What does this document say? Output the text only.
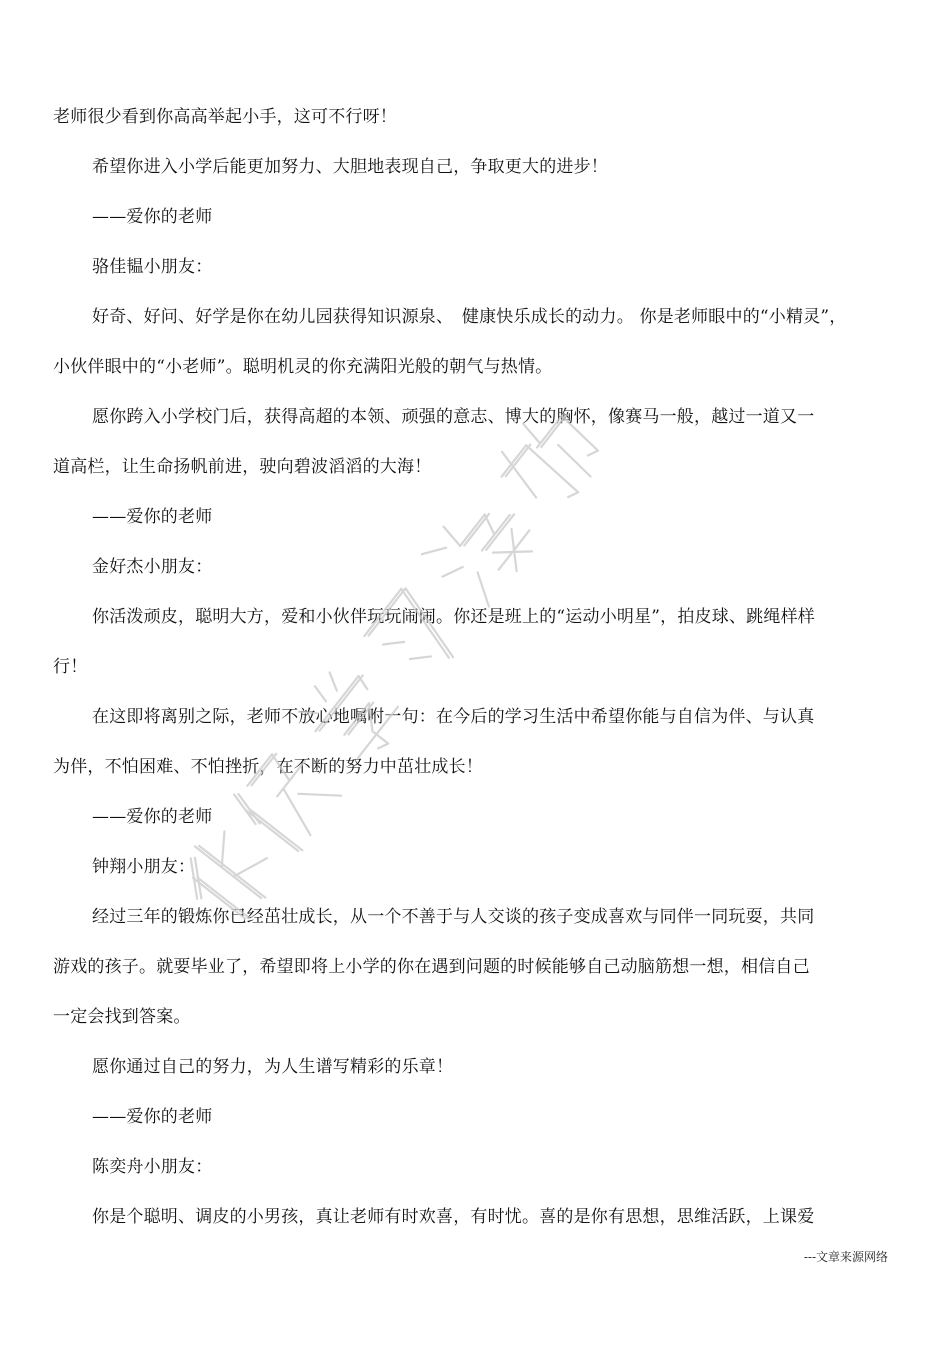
老师很少看到你高高举起小手，这可不行呀！
希望你进入小学后能更加努力、大胆地表现自己，争取更大的进步！
——爱你的老师
骆佳韫小朋友：
好奇、好问、好学是你在幼儿园获得知识源泉、　健康快乐成长的动力。 你是老师眼中的“小精灵”，
小伙伴眼中的“小老师”。聪明机灵的你充满阳光般的朝气与热情。
愿你跨入小学校门后，获得高超的本领、顽强的意志、博大的胸怀，像赛马一般，越过一道又一
道高栏，让生命扬帆前进，驶向碧波滔滔的大海！
——爱你的老师
金好杰小朋友：
你活泼顽皮，聪明大方，爱和小伙伴玩玩闹闹。你还是班上的“运动小明星”，拍皮球、跳绳样样
行！
在这即将离别之际，老师不放心地嘱咐一句：在今后的学习生活中希望你能与自信为伴、与认真
为伴，不怕困难、不怕挫折，在不断的努力中茁壮成长！
——爱你的老师
钟翔小朋友：
经过三年的锻炼你已经茁壮成长，从一个不善于与人交谈的孩子变成喜欢与同伴一同玩耍，共同
游戏的孩子。就要毕业了，希望即将上小学的你在遇到问题的时候能够自己动脑筋想一想，相信自己
一定会找到答案。
愿你通过自己的努力，为人生谱写精彩的乐章！
——爱你的老师
陈奕舟小朋友：
你是个聪明、调皮的小男孩，真让老师有时欢喜，有时忧。喜的是你有思想，思维活跃，上课爱
---文章来源网络
